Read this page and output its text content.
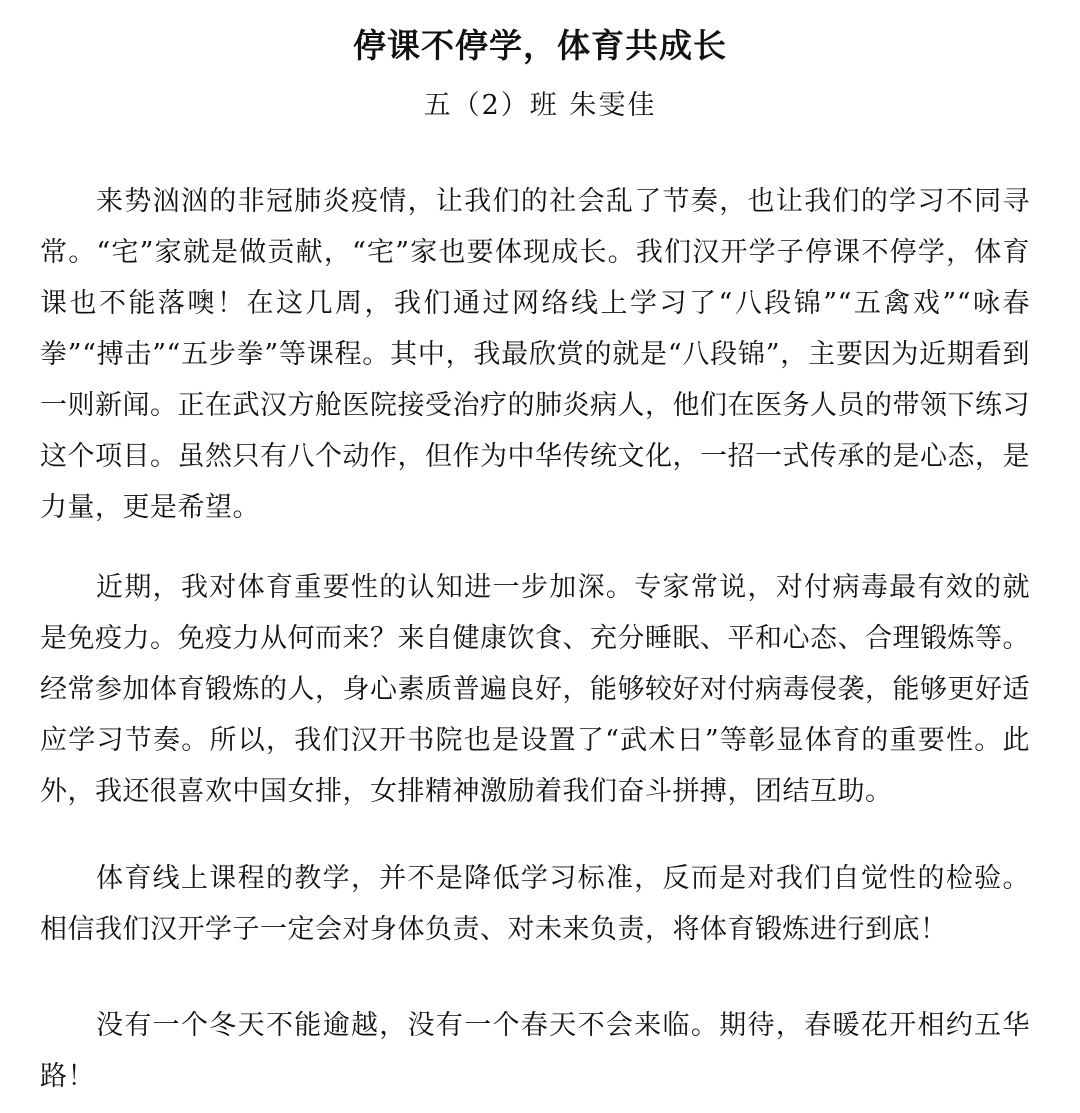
停课不停学，体育共成长
五（2）班 朱雯佳

来势汹汹的非冠肺炎疫情，让我们的社会乱了节奏，也让我们的学习不同寻常。“宅”家就是做贡献，“宅”家也要体现成长。我们汉开学子停课不停学，体育课也不能落噢！在这几周，我们通过网络线上学习了“八段锦”“五禽戏”“咏春拳”“搏击”“五步拳”等课程。其中，我最欣赏的就是“八段锦”，主要因为近期看到一则新闻。正在武汉方舱医院接受治疗的肺炎病人，他们在医务人员的带领下练习这个项目。虽然只有八个动作，但作为中华传统文化，一招一式传承的是心态，是力量，更是希望。

近期，我对体育重要性的认知进一步加深。专家常说，对付病毒最有效的就是免疫力。免疫力从何而来？来自健康饮食、充分睡眠、平和心态、合理锻炼等。经常参加体育锻炼的人，身心素质普遍良好，能够较好对付病毒侵袭，能够更好适应学习节奏。所以，我们汉开书院也是设置了“武术日”等彰显体育的重要性。此外，我还很喜欢中国女排，女排精神激励着我们奋斗拼搏，团结互助。

体育线上课程的教学，并不是降低学习标准，反而是对我们自觉性的检验。相信我们汉开学子一定会对身体负责、对未来负责，将体育锻炼进行到底！

没有一个冬天不能逾越，没有一个春天不会来临。期待，春暖花开相约五华路！
